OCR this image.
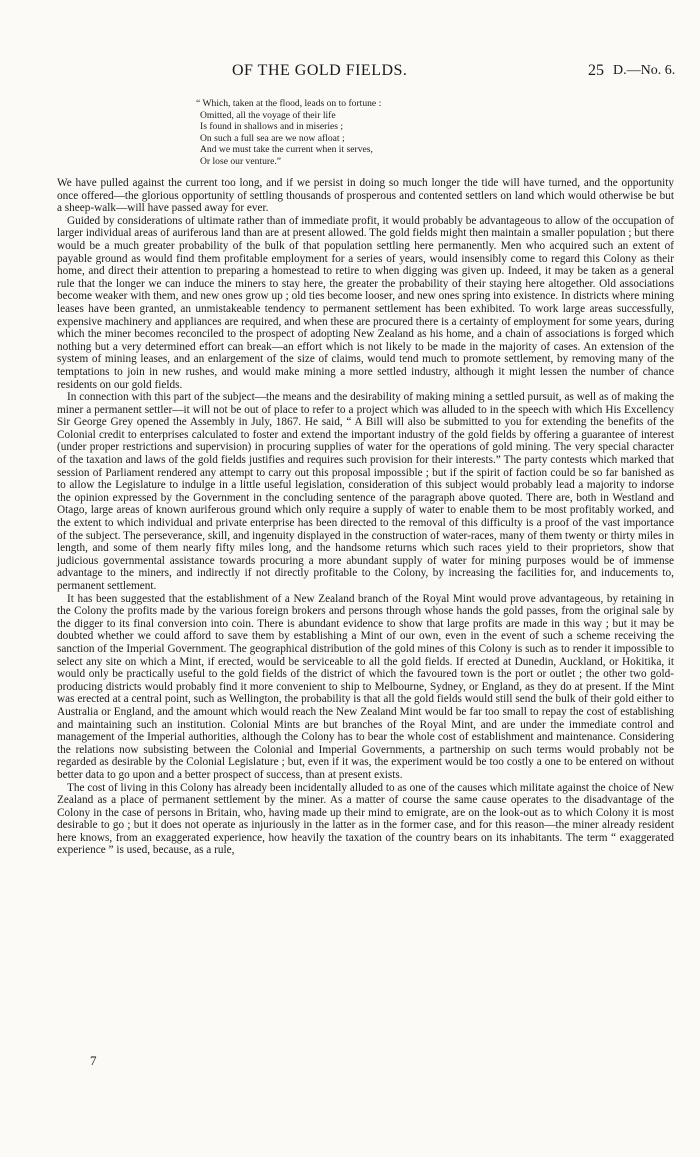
OF THE GOLD FIELDS.	25 D.—No. 6.
“ Which, taken at the flood, leads on to fortune :
Omitted, all the voyage of their life
Is found in shallows and in miseries ;
On such a full sea are we now afloat ;
And we must take the current when it serves,
Or lose our venture.”

We have pulled against the current too long, and if we persist in doing so much longer the tide will have turned, and the opportunity once offered—the glorious opportunity of settling thousands of prosperous and contented settlers on land which would otherwise be but a sheep-walk—will have passed away for ever.

Guided by considerations of ultimate rather than of immediate profit, it would probably be advantageous to allow of the occupation of larger individual areas of auriferous land than are at present allowed. The gold fields might then maintain a smaller population ; but there would be a much greater probability of the bulk of that population settling here permanently. Men who acquired such an extent of payable ground as would find them profitable employment for a series of years, would insensibly come to regard this Colony as their home, and direct their attention to preparing a homestead to retire to when digging was given up. Indeed, it may be taken as a general rule that the longer we can induce the miners to stay here, the greater the probability of their staying here altogether. Old associations become weaker with them, and new ones grow up ; old ties become looser, and new ones spring into existence. In districts where mining leases have been granted, an unmistakeable tendency to permanent settlement has been exhibited. To work large areas successfully, expensive machinery and appliances are required, and when these are procured there is a certainty of employment for some years, during which the miner becomes reconciled to the prospect of adopting New Zealand as his home, and a chain of associations is forged which nothing but a very determined effort can break—an effort which is not likely to be made in the majority of cases. An extension of the system of mining leases, and an enlargement of the size of claims, would tend much to promote settlement, by removing many of the temptations to join in new rushes, and would make mining a more settled industry, although it might lessen the number of chance residents on our gold fields.

In connection with this part of the subject—the means and the desirability of making mining a settled pursuit, as well as of making the miner a permanent settler—it will not be out of place to refer to a project which was alluded to in the speech with which His Excellency Sir George Grey opened the Assembly in July, 1867. He said, “ A Bill will also be submitted to you for extending the benefits of the Colonial credit to enterprises calculated to foster and extend the important industry of the gold fields by offering a guarantee of interest (under proper restrictions and supervision) in procuring supplies of water for the operations of gold mining. The very special character of the taxation and laws of the gold fields justifies and requires such provision for their interests.” The party contests which marked that session of Parliament rendered any attempt to carry out this proposal impossible ; but if the spirit of faction could be so far banished as to allow the Legislature to indulge in a little useful legislation, consideration of this subject would probably lead a majority to indorse the opinion expressed by the Government in the concluding sentence of the paragraph above quoted. There are, both in Westland and Otago, large areas of known auriferous ground which only require a supply of water to enable them to be most profitably worked, and the extent to which individual and private enterprise has been directed to the removal of this difficulty is a proof of the vast importance of the subject. The perseverance, skill, and ingenuity displayed in the construction of water-races, many of them twenty or thirty miles in length, and some of them nearly fifty miles long, and the handsome returns which such races yield to their proprietors, show that judicious governmental assistance towards procuring a more abundant supply of water for mining purposes would be of immense advantage to the miners, and indirectly if not directly profitable to the Colony, by increasing the facilities for, and inducements to, permanent settlement.

It has been suggested that the establishment of a New Zealand branch of the Royal Mint would prove advantageous, by retaining in the Colony the profits made by the various foreign brokers and persons through whose hands the gold passes, from the original sale by the digger to its final conversion into coin. There is abundant evidence to show that large profits are made in this way ; but it may be doubted whether we could afford to save them by establishing a Mint of our own, even in the event of such a scheme receiving the sanction of the Imperial Government. The geographical distribution of the gold mines of this Colony is such as to render it impossible to select any site on which a Mint, if erected, would be serviceable to all the gold fields. If erected at Dunedin, Auckland, or Hokitika, it would only be practically useful to the gold fields of the district of which the favoured town is the port or outlet ; the other two gold-producing districts would probably find it more convenient to ship to Melbourne, Sydney, or England, as they do at present. If the Mint was erected at a central point, such as Wellington, the probability is that all the gold fields would still send the bulk of their gold either to Australia or England, and the amount which would reach the New Zealand Mint would be far too small to repay the cost of establishing and maintaining such an institution. Colonial Mints are but branches of the Royal Mint, and are under the immediate control and management of the Imperial authorities, although the Colony has to bear the whole cost of establishment and maintenance. Considering the relations now subsisting between the Colonial and Imperial Governments, a partnership on such terms would probably not be regarded as desirable by the Colonial Legislature ; but, even if it was, the experiment would be too costly a one to be entered on without better data to go upon and a better prospect of success, than at present exists.

The cost of living in this Colony has already been incidentally alluded to as one of the causes which militate against the choice of New Zealand as a place of permanent settlement by the miner. As a matter of course the same cause operates to the disadvantage of the Colony in the case of persons in Britain, who, having made up their mind to emigrate, are on the look-out as to which Colony it is most desirable to go ; but it does not operate as injuriously in the latter as in the former case, and for this reason—the miner already resident here knows, from an exaggerated experience, how heavily the taxation of the country bears on its inhabitants. The term “ exaggerated experience ” is used, because, as a rule,

7
